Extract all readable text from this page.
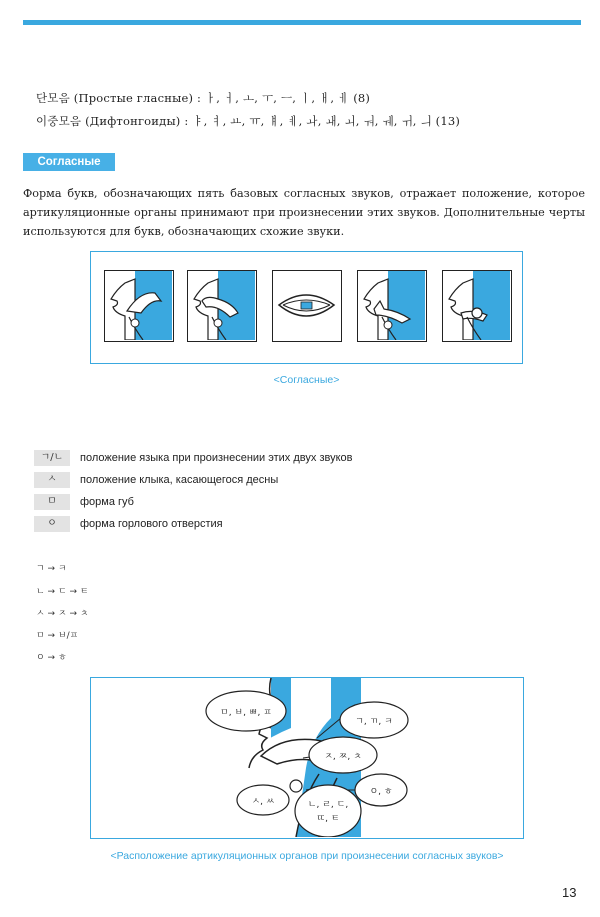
단모음 (Простые гласные) : ㅏ, ㅓ, ㅗ, ㅜ, ㅡ, ㅣ, ㅐ, ㅔ (8)
이중모음 (Дифтонгоиды) : ㅑ, ㅕ, ㅛ, ㅠ, ㅒ, ㅖ, ㅘ, ㅙ, ㅚ, ㅝ, ㅞ, ㅟ, ㅢ (13)
Согласные
Форма букв, обозначающих пять базовых согласных звуков, отражает положение, которое артикуляционные органы принимают при произнесении этих звуков. Дополнительные черты используются для букв, обозначающих схожие звуки.
<Согласные>
ㄱ/ㄴ	положение языка при произнесении этих двух звуков
ㅅ	положение клыка, касающегося десны
ㅁ	форма губ
ㅇ	форма горлового отверстия
ㄱ → ㅋ
ㄴ → ㄷ → ㅌ
ㅅ → ㅈ → ㅊ
ㅁ → ㅂ/ㅍ
ㅇ → ㅎ
ㅁ, ㅂ, ㅃ, ㅍ
ㄱ, ㄲ, ㅋ
ㅈ, ㅉ, ㅊ
ㅇ, ㅎ
ㅅ, ㅆ	ㄴ, ㄹ, ㄷ,
ㄸ, ㅌ
<Расположение артикуляционных органов при произнесении согласных звуков>
13
